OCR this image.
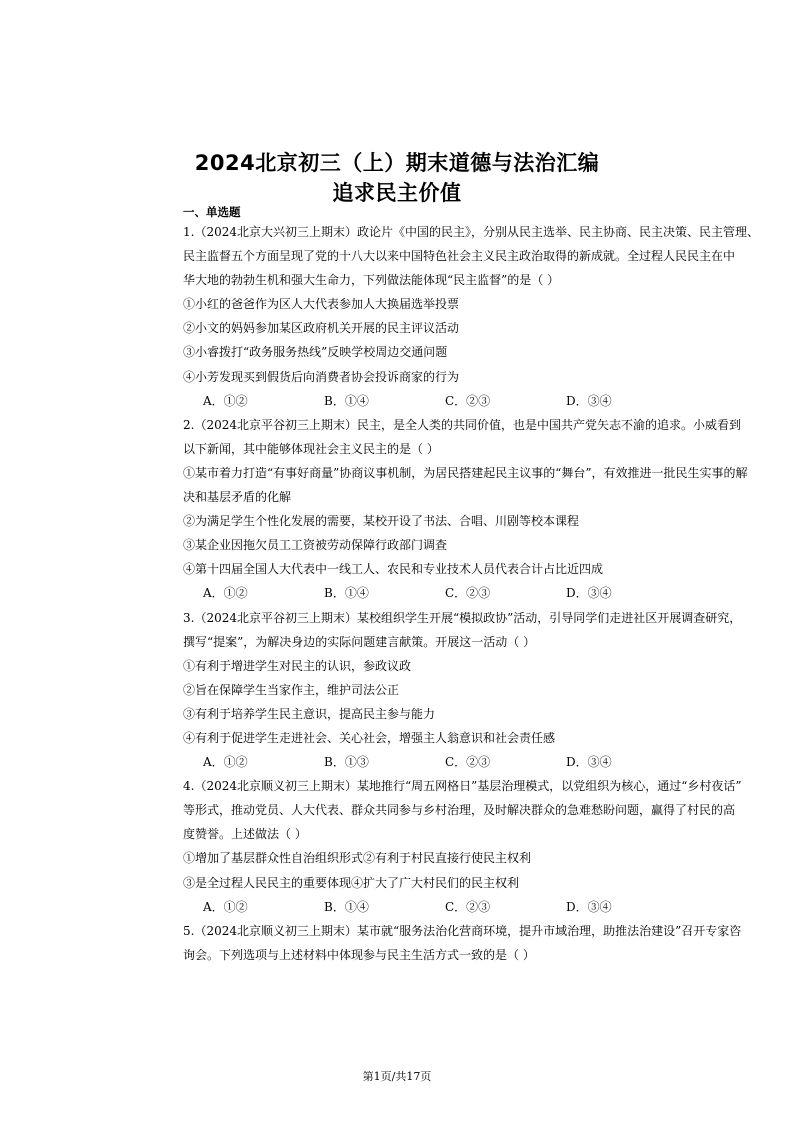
2024北京初三（上）期末道德与法治汇编
追求民主价值
一、单选题
1.（2024北京大兴初三上期末）政论片《中国的民主》，分别从民主选举、民主协商、民主决策、民主管理、
民主监督五个方面呈现了党的十八大以来中国特色社会主义民主政治取得的新成就。全过程人民民主在中
华大地的勃勃生机和强大生命力，下列做法能体现“民主监督”的是（ ）
①小红的爸爸作为区人大代表参加人大换届选举投票
②小文的妈妈参加某区政府机关开展的民主评议活动
③小睿拨打“政务服务热线”反映学校周边交通问题
④小芳发现买到假货后向消费者协会投诉商家的行为
A．①②	B．①④	C．②③	D．③④
2.（2024北京平谷初三上期末）民主，是全人类的共同价值，也是中国共产党矢志不渝的追求。小威看到
以下新闻，其中能够体现社会主义民主的是（ ）
①某市着力打造“有事好商量”协商议事机制，为居民搭建起民主议事的“舞台”，有效推进一批民生实事的解
决和基层矛盾的化解
②为满足学生个性化发展的需要，某校开设了书法、合唱、川剧等校本课程
③某企业因拖欠员工工资被劳动保障行政部门调查
④第十四届全国人大代表中一线工人、农民和专业技术人员代表合计占比近四成
A．①②	B．①④	C．②③	D．③④
3.（2024北京平谷初三上期末）某校组织学生开展“模拟政协”活动，引导同学们走进社区开展调查研究，
撰写“提案”，为解决身边的实际问题建言献策。开展这一活动（ ）
①有利于增进学生对民主的认识，参政议政
②旨在保障学生当家作主，维护司法公正
③有利于培养学生民主意识，提高民主参与能力
④有利于促进学生走进社会、关心社会，增强主人翁意识和社会责任感
A．①②	B．①③	C．②③	D．③④
4.（2024北京顺义初三上期末）某地推行“周五网格日”基层治理模式，以党组织为核心，通过“乡村夜话”
等形式，推动党员、人大代表、群众共同参与乡村治理，及时解决群众的急难愁盼问题，赢得了村民的高
度赞誉。上述做法（ ）
①增加了基层群众性自治组织形式②有利于村民直接行使民主权利
③是全过程人民民主的重要体现④扩大了广大村民们的民主权利
A．①②	B．①④	C．②③	D．③④
5.（2024北京顺义初三上期末）某市就“服务法治化营商环境，提升市域治理，助推法治建设”召开专家咨
询会。下列选项与上述材料中体现参与民主生活方式一致的是（ ）
第1页/共17页
